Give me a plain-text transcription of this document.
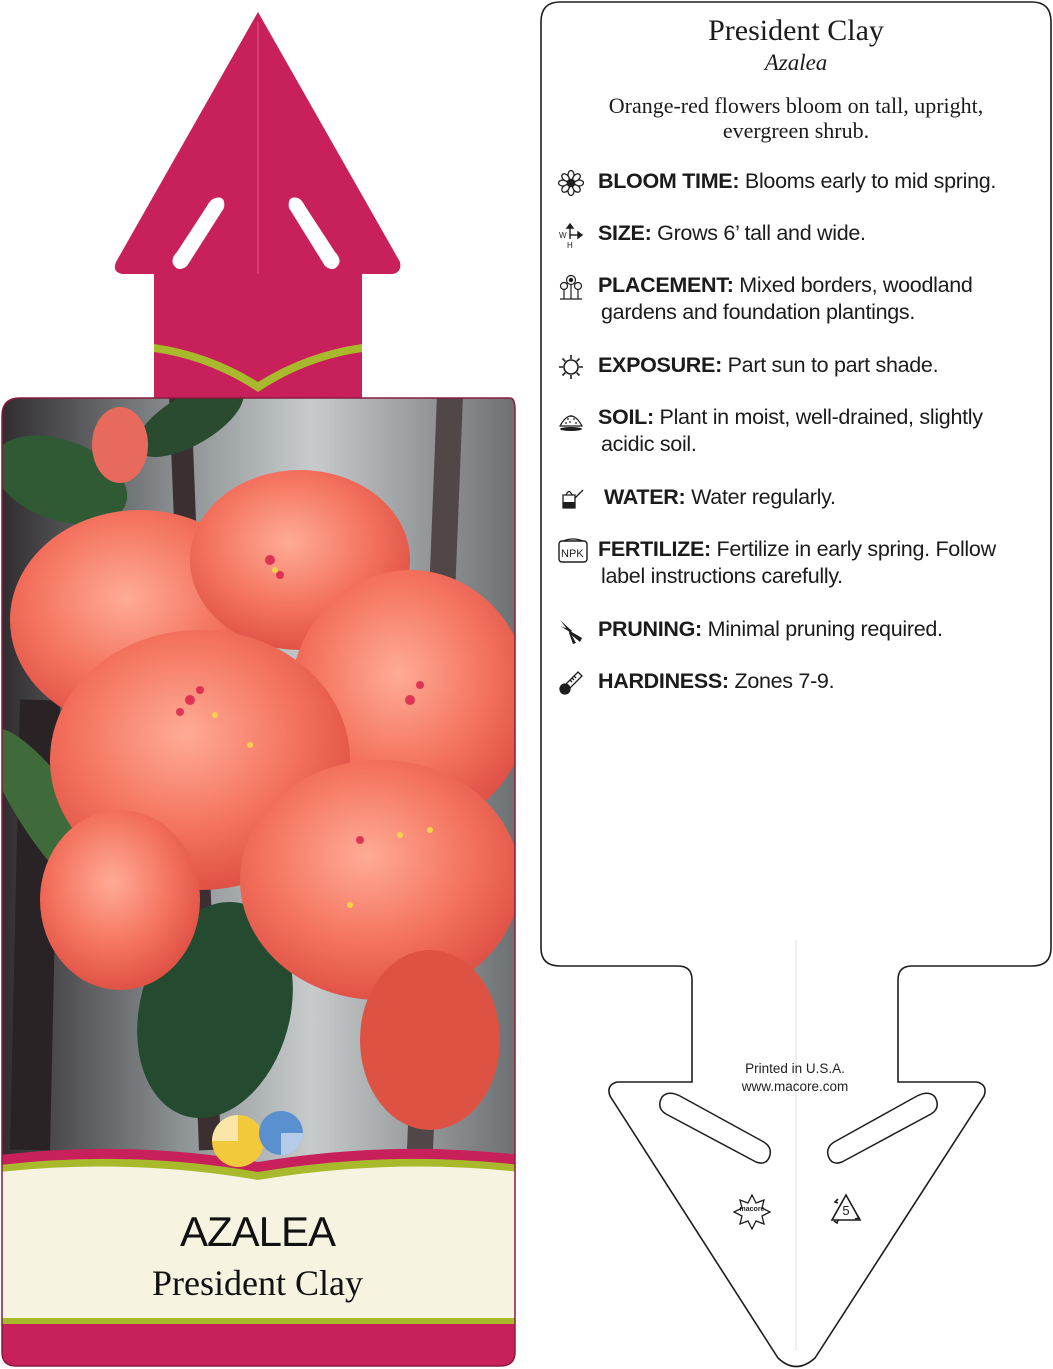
AZALEA
President Clay
President Clay
Azalea
Orange-red flowers bloom on tall, upright,
evergreen shrub.
BLOOM TIME: Blooms early to mid spring.
W
H
SIZE: Grows 6’ tall and wide.
PLACEMENT: Mixed borders, woodland
gardens and foundation plantings.
EXPOSURE: Part sun to part shade.
SOIL: Plant in moist, well-drained, slightly
acidic soil.
WATER: Water regularly.
NPK FERTILIZE: Fertilize in early spring. Follow
label instructions carefully.
PRUNING: Minimal pruning required.
HARDINESS: Zones 7-9.
Printed in U.S.A.
www.macore.com
macore	5
